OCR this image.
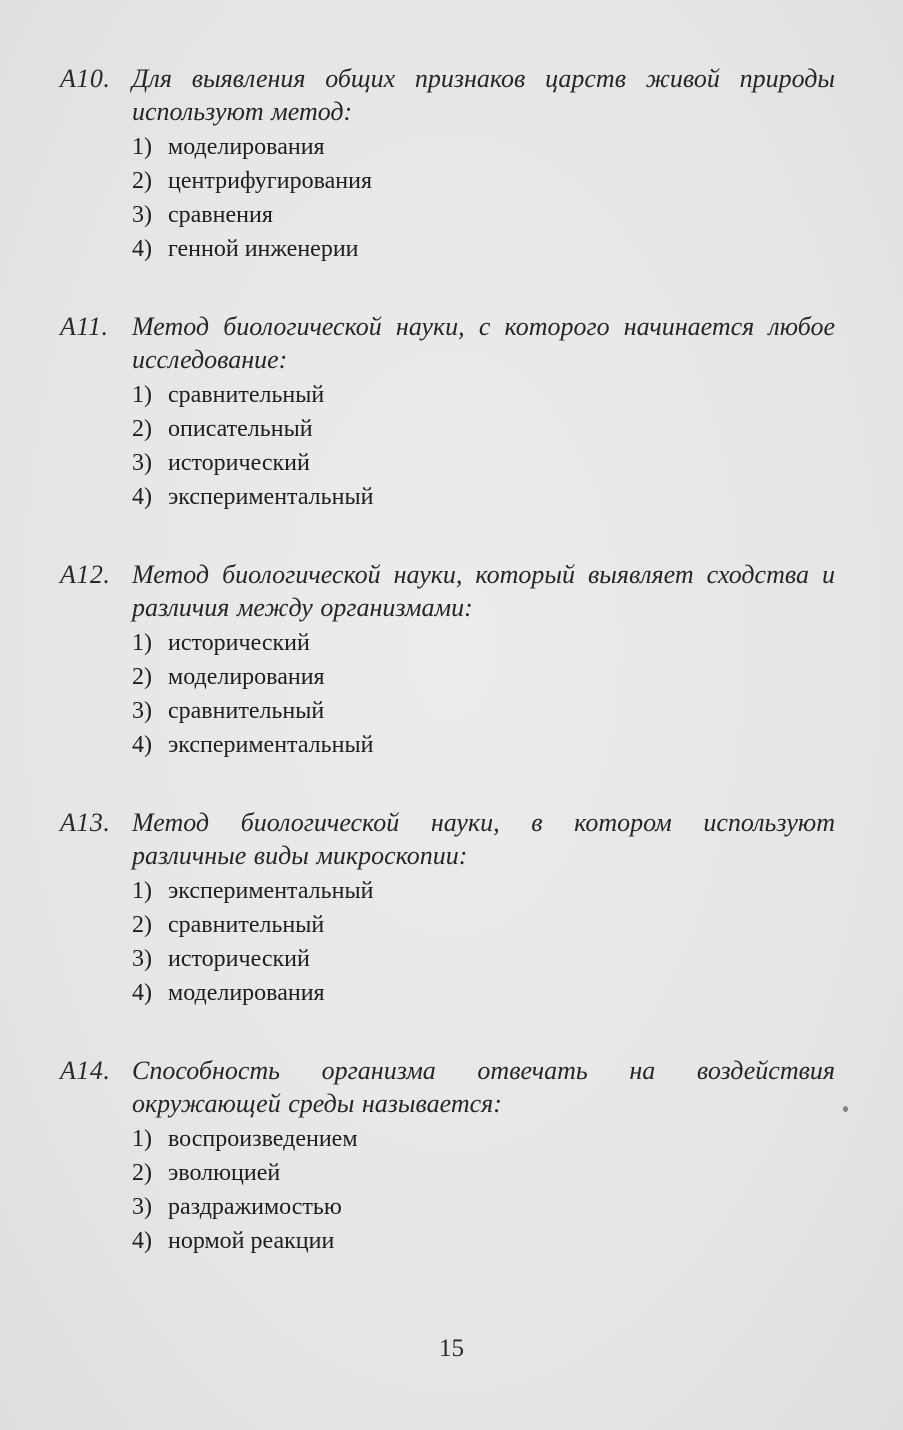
A10. Для выявления общих признаков царств живой природы используют метод:
1) моделирования
2) центрифугирования
3) сравнения
4) генной инженерии
A11. Метод биологической науки, с которого начинается любое исследование:
1) сравнительный
2) описательный
3) исторический
4) экспериментальный
A12. Метод биологической науки, который выявляет сходства и различия между организмами:
1) исторический
2) моделирования
3) сравнительный
4) экспериментальный
A13. Метод биологической науки, в котором используют различные виды микроскопии:
1) экспериментальный
2) сравнительный
3) исторический
4) моделирования
A14. Способность организма отвечать на воздействия окружающей среды называется:
1) воспроизведением
2) эволюцией
3) раздражимостью
4) нормой реакции
15
